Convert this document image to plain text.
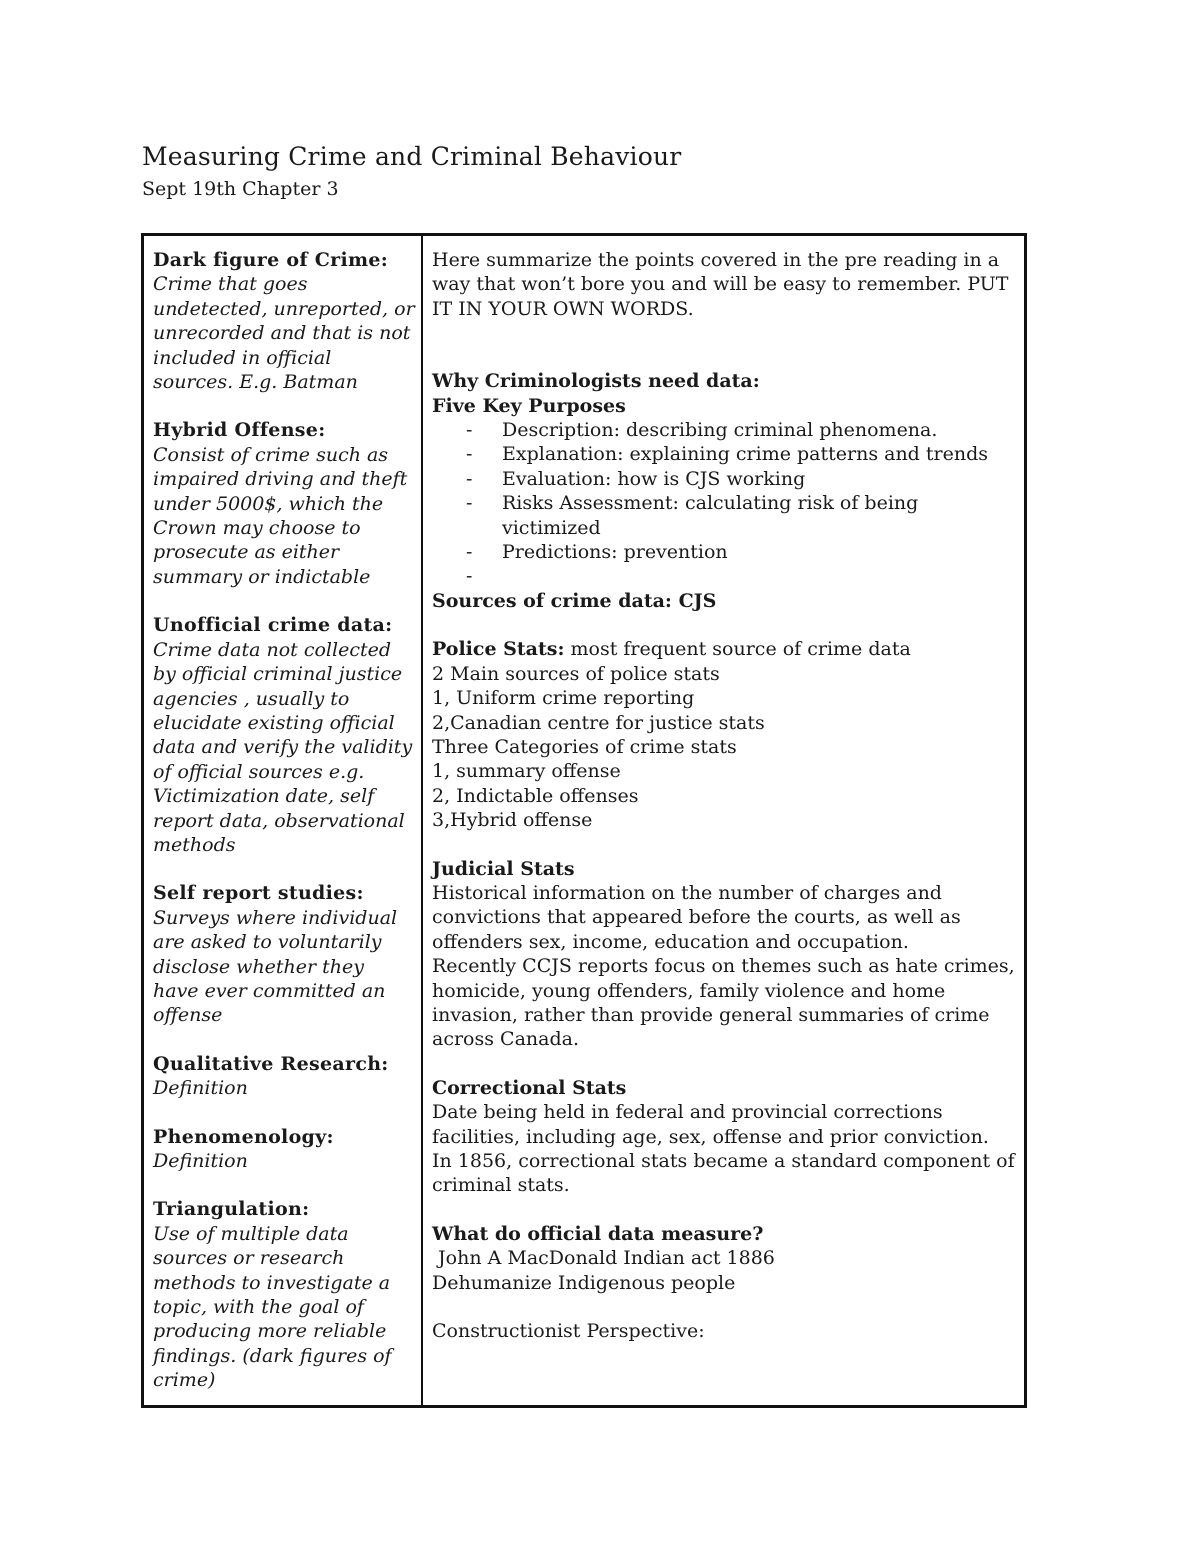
Measuring Crime and Criminal Behaviour
Sept 19th Chapter 3
Dark figure of Crime:
Crime that goes undetected, unreported, or unrecorded and that is not included in official sources. E.g. Batman
Hybrid Offense:
Consist of crime such as impaired driving and theft under 5000$, which the Crown may choose to prosecute as either summary or indictable
Unofficial crime data:
Crime data not collected by official criminal justice agencies , usually to elucidate existing official data and verify the validity of official sources e.g. Victimization date, self report data, observational methods
Self report studies:
Surveys where individual are asked to voluntarily disclose whether they have ever committed an offense
Qualitative Research:
Definition
Phenomenology:
Definition
Triangulation:
Use of multiple data sources or research methods to investigate a topic, with the goal of producing more reliable findings. (dark figures of crime)
Here summarize the points covered in the pre reading in a way that won’t bore you and will be easy to remember. PUT IT IN YOUR OWN WORDS.
Why Criminologists need data:
Five Key Purposes
- Description: describing criminal phenomena.
- Explanation: explaining crime patterns and trends
- Evaluation: how is CJS working
- Risks Assessment: calculating risk of being victimized
- Predictions: prevention
-
Sources of crime data: CJS
Police Stats: most frequent source of crime data
2 Main sources of police stats
1, Uniform crime reporting
2,Canadian centre for justice stats
Three Categories of crime stats
1, summary offense
2, Indictable offenses
3,Hybrid offense
Judicial Stats
Historical information on the number of charges and convictions that appeared before the courts, as well as offenders sex, income, education and occupation.
Recently CCJS reports focus on themes such as hate crimes, homicide, young offenders, family violence and home invasion, rather than provide general summaries of crime across Canada.
Correctional Stats
Date being held in federal and provincial corrections facilities, including age, sex, offense and prior conviction.
In 1856, correctional stats became a standard component of criminal stats.
What do official data measure?
John A MacDonald Indian act 1886
Dehumanize Indigenous people
Constructionist Perspective:
